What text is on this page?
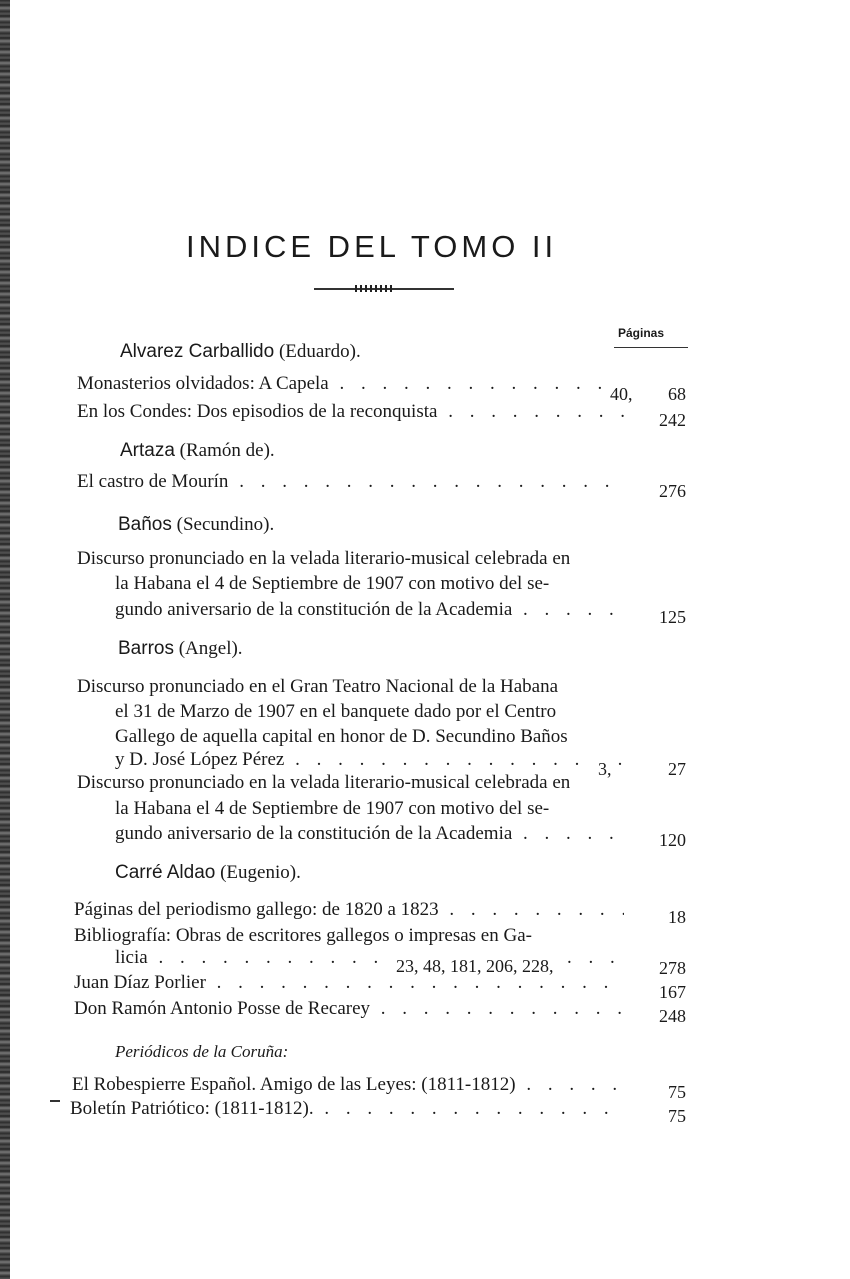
INDICE DEL TOMO II
Páginas
Alvarez Carballido (Eduardo).
Monasterios olvidados: A Capela . . .	40,	68
En los Condes: Dos episodios de la reconquista . . .	242
Artaza (Ramón de).
El castro de Mourín . . .	276
Baños (Secundino).
Discurso pronunciado en la velada literario-musical celebrada en
la Habana el 4 de Septiembre de 1907 con motivo del se-
gundo aniversario de la constitución de la Academia . . .	125
Barros (Angel).
Discurso pronunciado en el Gran Teatro Nacional de la Habana
el 31 de Marzo de 1907 en el banquete dado por el Centro
Gallego de aquella capital en honor de D. Secundino Baños
y D. José López Pérez . . .	3,	27
Discurso pronunciado en la velada literario-musical celebrada en
la Habana el 4 de Septiembre de 1907 con motivo del se-
gundo aniversario de la constitución de la Academia . . .	120
Carré Aldao (Eugenio).
Páginas del periodismo gallego: de 1820 a 1823 . . .	18
Bibliografía: Obras de escritores gallegos o impresas en Ga-
licia . . .	23, 48, 181, 206, 228,	278
Juan Díaz Porlier . . .	167
Don Ramón Antonio Posse de Recarey . . .	248
Periódicos de la Coruña:
El Robespierre Español. Amigo de las Leyes: (1811-1812) . . .	75
Boletín Patriótico: (1811-1812). . . .	75
